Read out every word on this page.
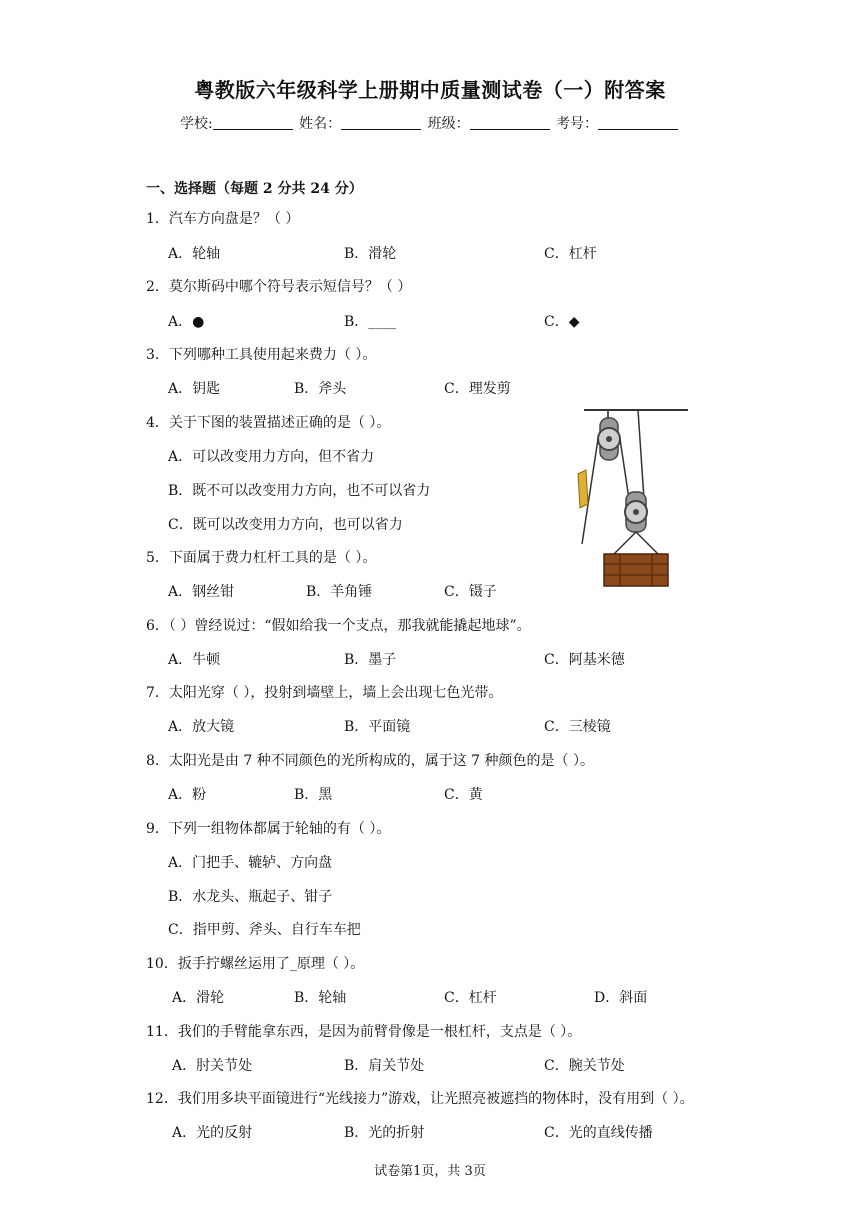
粤教版六年级科学上册期中质量测试卷（一）附答案
学校:	姓名：	班级：	考号：
一、选择题（每题 2 分共 24 分）
1．汽车方向盘是？（ ）
A．轮轴	B．滑轮	C．杠杆
2．莫尔斯码中哪个符号表示短信号？（ ）
A．●	B．____	C．◆
3．下列哪种工具使用起来费力（ ）。
A．钥匙	B．斧头	C．理发剪
4．关于下图的装置描述正确的是（ ）。
A．可以改变用力方向，但不省力
B．既不可以改变用力方向，也不可以省力
C．既可以改变用力方向，也可以省力
5．下面属于费力杠杆工具的是（ ）。
A．钢丝钳	B．羊角锤	C．镊子
6．（ ）曾经说过：“假如给我一个支点，那我就能撬起地球”。
A．牛顿	B．墨子	C．阿基米德
7．太阳光穿（ ），投射到墙壁上，墙上会出现七色光带。
A．放大镜	B．平面镜	C．三棱镜
8．太阳光是由 7 种不同颜色的光所构成的，属于这 7 种颜色的是（ ）。
A．粉	B．黑	C．黄
9．下列一组物体都属于轮轴的有（ ）。
A．门把手、辘轳、方向盘
B．水龙头、瓶起子、钳子
C．指甲剪、斧头、自行车车把
10．扳手拧螺丝运用了_原理（ ）。
A．滑轮	B．轮轴	C．杠杆	D．斜面
11．我们的手臂能拿东西，是因为前臂骨像是一根杠杆，支点是（ ）。
A．肘关节处	B．肩关节处	C．腕关节处
12．我们用多块平面镜进行“光线接力”游戏，让光照亮被遮挡的物体时，没有用到（ ）。
A．光的反射	B．光的折射	C．光的直线传播
试卷第1页，共 3页
